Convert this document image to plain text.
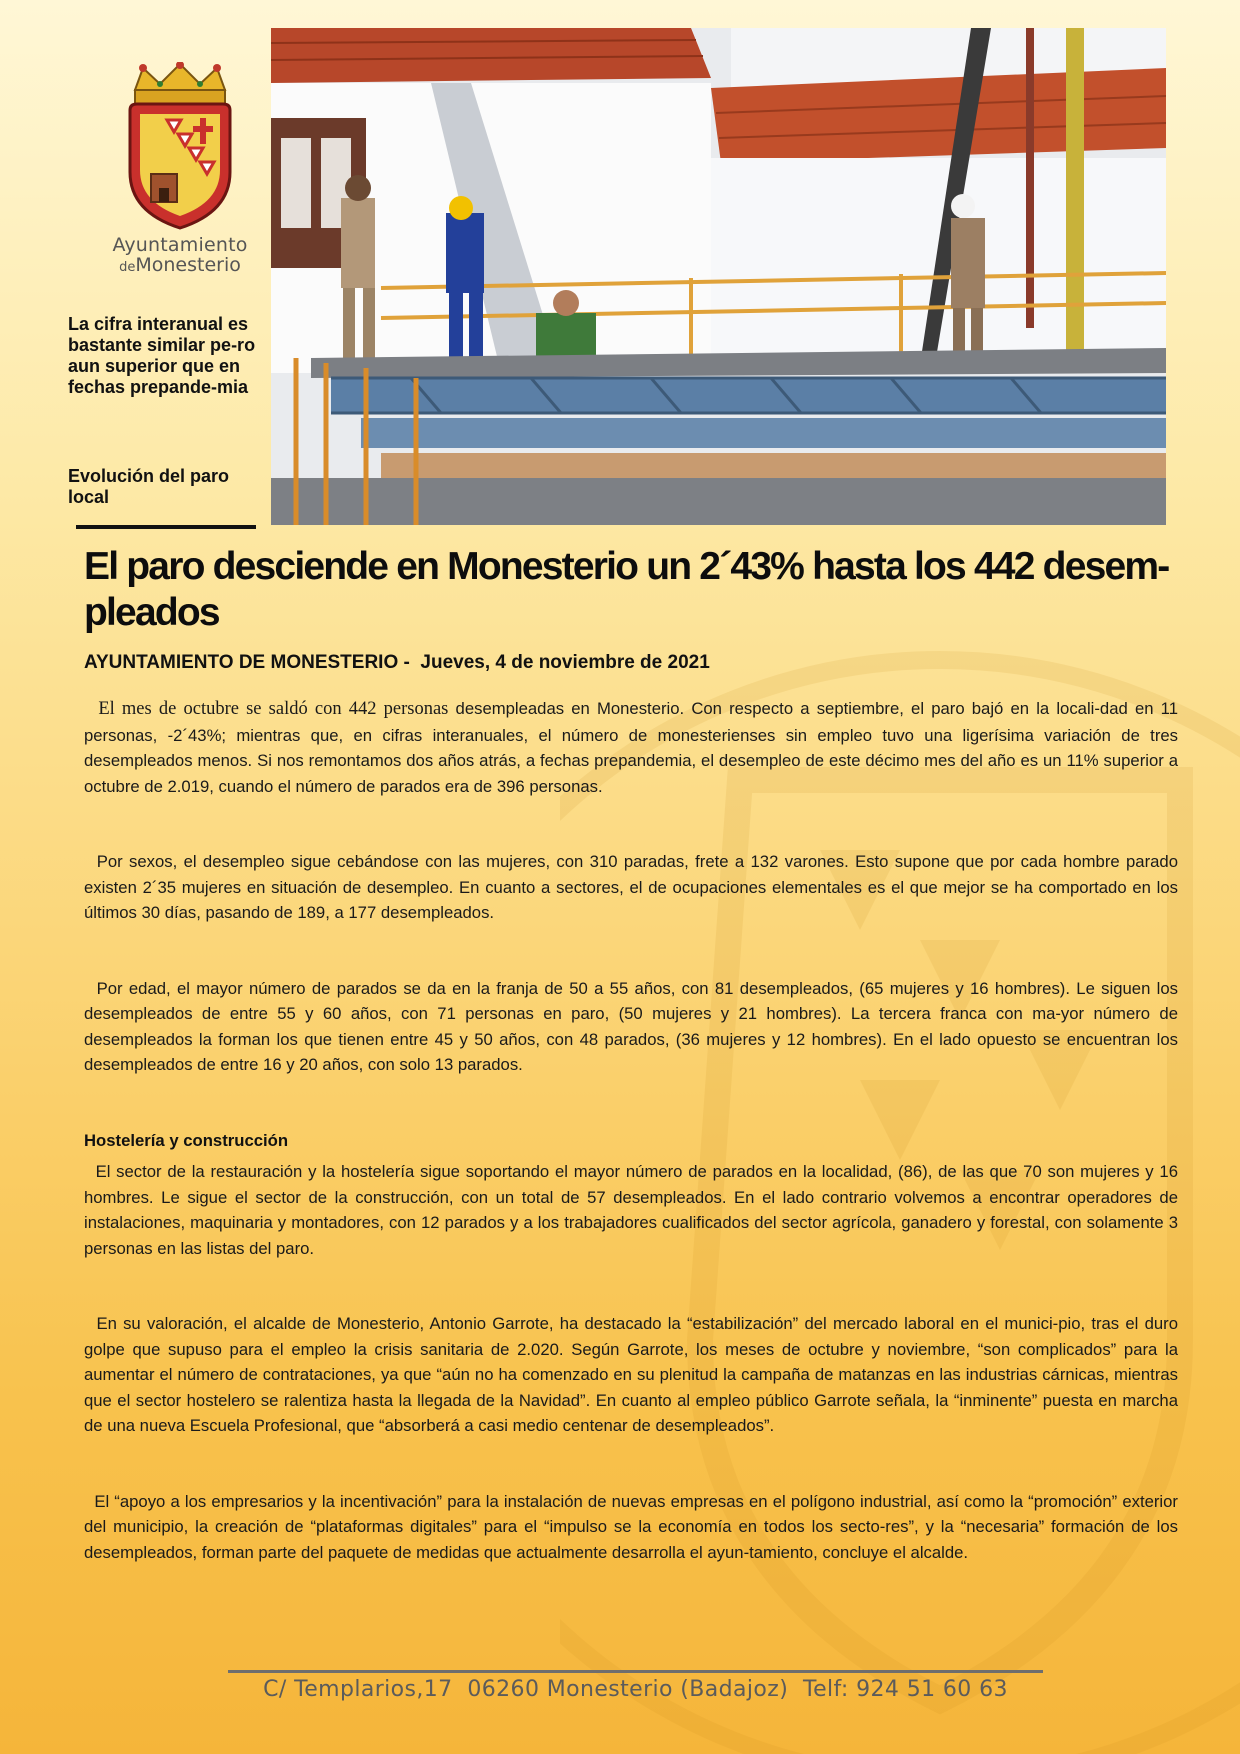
Ayuntamiento
deMonesterio
La cifra interanual es bastante similar pe-ro aun superior que en fechas prepande-mia
Evolución del paro local
El paro desciende en Monesterio un 2´43% hasta los 442 desem-pleados
AYUNTAMIENTO DE MONESTERIO -  Jueves, 4 de noviembre de 2021

El mes de octubre se saldó con 442 personas desempleadas en Monesterio. Con respecto a septiembre, el paro bajó en la locali-dad en 11 personas, -2´43%; mientras que, en cifras interanuales, el número de monesterienses sin empleo tuvo una ligerísima variación de tres desempleados menos. Si nos remontamos dos años atrás, a fechas prepandemia, el desempleo de este décimo mes del año es un 11% superior a octubre de 2.019, cuando el número de parados era de 396 personas.

Por sexos, el desempleo sigue cebándose con las mujeres, con 310 paradas, frete a 132 varones. Esto supone que por cada hombre parado existen 2´35 mujeres en situación de desempleo. En cuanto a sectores, el de ocupaciones elementales es el que mejor se ha comportado en los últimos 30 días, pasando de 189, a 177 desempleados.

Por edad, el mayor número de parados se da en la franja de 50 a 55 años, con 81 desempleados, (65 mujeres y 16 hombres). Le siguen los desempleados de entre 55 y 60 años, con 71 personas en paro, (50 mujeres y 21 hombres). La tercera franca con ma-yor número de desempleados la forman los que tienen entre 45 y 50 años, con 48 parados, (36 mujeres y 12 hombres). En el lado opuesto se encuentran los desempleados de entre 16 y 20 años, con solo 13 parados.

Hostelería y construcción

El sector de la restauración y la hostelería sigue soportando el mayor número de parados en la localidad, (86), de las que 70 son mujeres y 16 hombres. Le sigue el sector de la construcción, con un total de 57 desempleados. En el lado contrario volvemos a encontrar operadores de instalaciones, maquinaria y montadores, con 12 parados y a los trabajadores cualificados del sector agrícola, ganadero y forestal, con solamente 3 personas en las listas del paro.

En su valoración, el alcalde de Monesterio, Antonio Garrote, ha destacado la “estabilización” del mercado laboral en el munici-pio, tras el duro golpe que supuso para el empleo la crisis sanitaria de 2.020. Según Garrote, los meses de octubre y noviembre, “son complicados” para la aumentar el número de contrataciones, ya que “aún no ha comenzado en su plenitud la campaña de matanzas en las industrias cárnicas, mientras que el sector hostelero se ralentiza hasta la llegada de la Navidad”. En cuanto al empleo público Garrote señala, la “inminente” puesta en marcha de una nueva Escuela Profesional, que “absorberá a casi medio centenar de desempleados”.

El “apoyo a los empresarios y la incentivación” para la instalación de nuevas empresas en el polígono industrial, así como la “promoción” exterior del municipio, la creación de “plataformas digitales” para el “impulso se la economía en todos los secto-res”, y la “necesaria” formación de los desempleados, forman parte del paquete de medidas que actualmente desarrolla el ayun-tamiento, concluye el alcalde.

C/ Templarios,17  06260 Monesterio (Badajoz)  Telf: 924 51 60 63
